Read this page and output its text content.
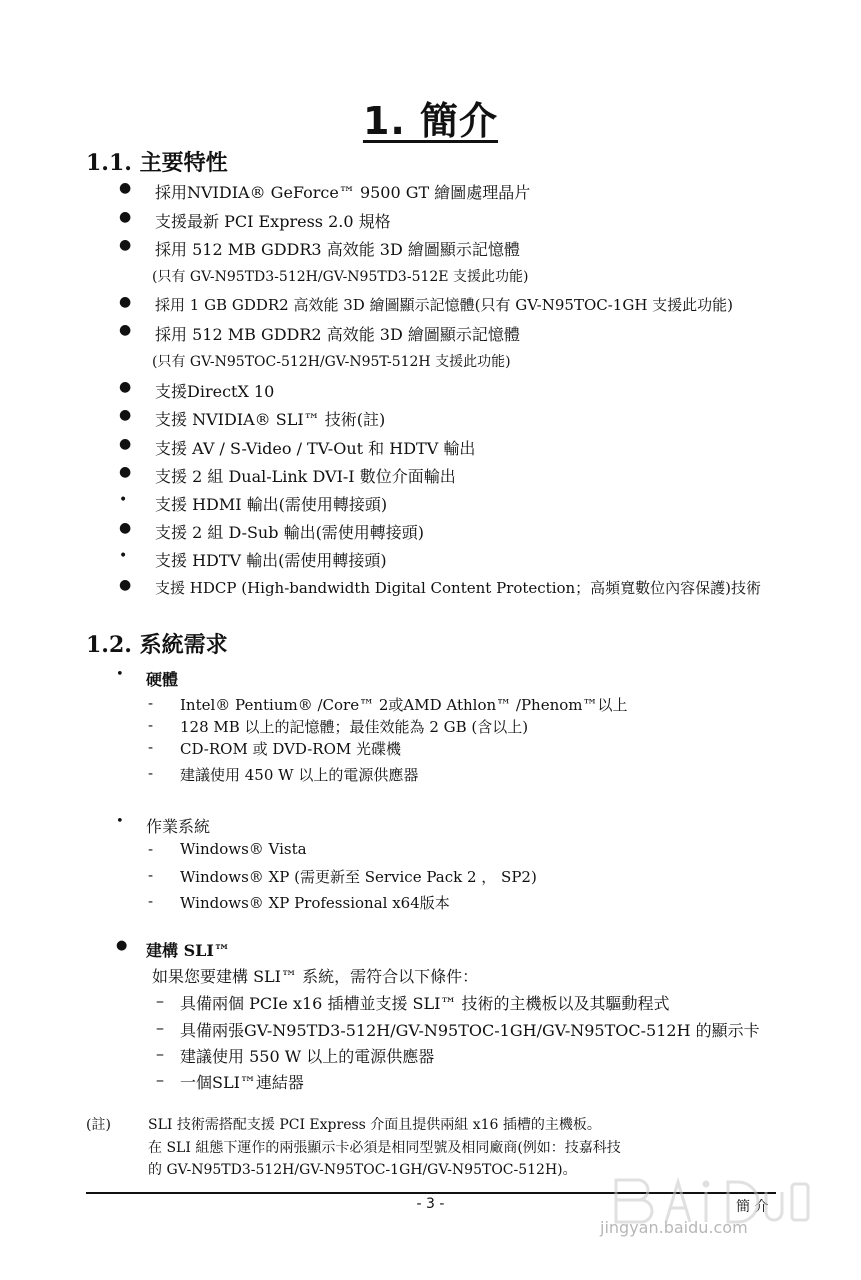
1. 簡介
1.1. 主要特性
● 採用NVIDIA® GeForce™ 9500 GT 繪圖處理晶片
● 支援最新 PCI Express 2.0 規格
● 採用 512 MB GDDR3 高效能 3D 繪圖顯示記憶體
(只有 GV-N95TD3-512H/GV-N95TD3-512E 支援此功能)
● 採用 1 GB GDDR2 高效能 3D 繪圖顯示記憶體(只有 GV-N95TOC-1GH 支援此功能)
● 採用 512 MB GDDR2 高效能 3D 繪圖顯示記憶體
(只有 GV-N95TOC-512H/GV-N95T-512H 支援此功能)
● 支援DirectX 10
● 支援 NVIDIA® SLI™ 技術(註)
● 支援 AV / S-Video / TV-Out 和 HDTV 輸出
● 支援 2 組 Dual-Link DVI-I 數位介面輸出
• 支援 HDMI 輸出(需使用轉接頭)
● 支援 2 組 D-Sub 輸出(需使用轉接頭)
• 支援 HDTV 輸出(需使用轉接頭)
● 支援 HDCP (High-bandwidth Digital Content Protection；高頻寬數位內容保護)技術
1.2. 系統需求
• 硬體
- Intel® Pentium® /Core™ 2或AMD Athlon™ /Phenom™以上
- 128 MB 以上的記憶體；最佳效能為 2 GB (含以上)
- CD-ROM 或 DVD-ROM 光碟機
- 建議使用 450 W 以上的電源供應器
• 作業系統
- Windows® Vista
- Windows® XP (需更新至 Service Pack 2 ， SP2)
- Windows® XP Professional x64版本
● 建構 SLI™
如果您要建構 SLI™ 系統，需符合以下條件：
– 具備兩個 PCIe x16 插槽並支援 SLI™ 技術的主機板以及其驅動程式
– 具備兩張GV-N95TD3-512H/GV-N95TOC-1GH/GV-N95TOC-512H 的顯示卡
– 建議使用 550 W 以上的電源供應器
– 一個SLI™連結器
(註)	SLI 技術需搭配支援 PCI Express 介面且提供兩組 x16 插槽的主機板。
在 SLI 組態下運作的兩張顯示卡必須是相同型號及相同廠商(例如：技嘉科技
的 GV-N95TD3-512H/GV-N95TOC-1GH/GV-N95TOC-512H)。
- 3 -	簡 介
jingyan.baidu.com
